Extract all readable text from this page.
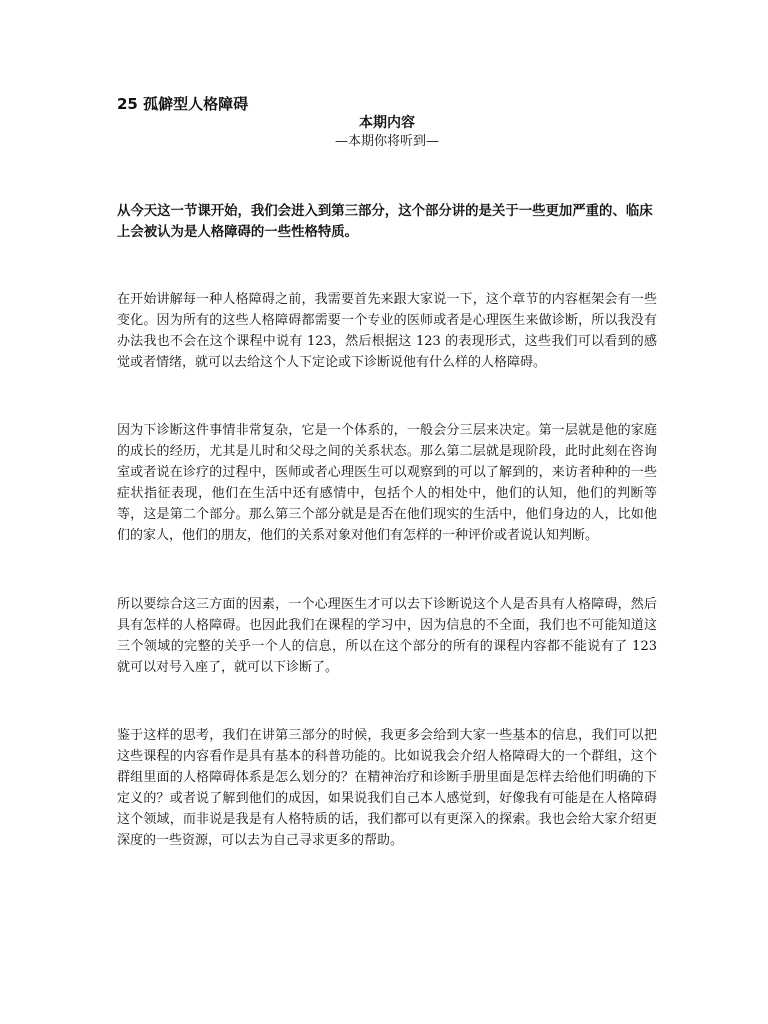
25 孤僻型人格障碍
本期内容

—本期你将听到—

从今天这一节课开始，我们会进入到第三部分，这个部分讲的是关于一些更加严重的、临床上会被认为是人格障碍的一些性格特质。

在开始讲解每一种人格障碍之前，我需要首先来跟大家说一下，这个章节的内容框架会有一些变化。因为所有的这些人格障碍都需要一个专业的医师或者是心理医生来做诊断，所以我没有办法我也不会在这个课程中说有 123，然后根据这 123 的表现形式，这些我们可以看到的感觉或者情绪，就可以去给这个人下定论或下诊断说他有什么样的人格障碍。

因为下诊断这件事情非常复杂，它是一个体系的，一般会分三层来决定。第一层就是他的家庭的成长的经历，尤其是儿时和父母之间的关系状态。那么第二层就是现阶段，此时此刻在咨询室或者说在诊疗的过程中，医师或者心理医生可以观察到的可以了解到的，来访者种种的一些症状指征表现，他们在生活中还有感情中，包括个人的相处中，他们的认知，他们的判断等等，这是第二个部分。那么第三个部分就是是否在他们现实的生活中，他们身边的人，比如他们的家人，他们的朋友，他们的关系对象对他们有怎样的一种评价或者说认知判断。

所以要综合这三方面的因素，一个心理医生才可以去下诊断说这个人是否具有人格障碍，然后具有怎样的人格障碍。也因此我们在课程的学习中，因为信息的不全面，我们也不可能知道这三个领域的完整的关乎一个人的信息，所以在这个部分的所有的课程内容都不能说有了 123 就可以对号入座了，就可以下诊断了。

鉴于这样的思考，我们在讲第三部分的时候，我更多会给到大家一些基本的信息，我们可以把这些课程的内容看作是具有基本的科普功能的。比如说我会介绍人格障碍大的一个群组，这个群组里面的人格障碍体系是怎么划分的？在精神治疗和诊断手册里面是怎样去给他们明确的下定义的？或者说了解到他们的成因，如果说我们自己本人感觉到，好像我有可能是在人格障碍这个领域，而非说是我是有人格特质的话，我们都可以有更深入的探索。我也会给大家介绍更深度的一些资源，可以去为自己寻求更多的帮助。
